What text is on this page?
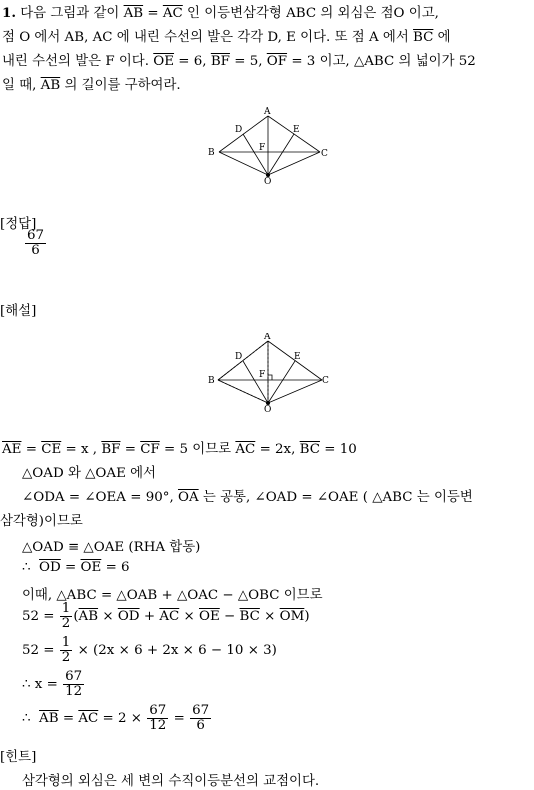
1. 다음 그림과 같이 $\overline{AB} = \overline{AC}$ 인 이등변삼각형 ABC 의 외심은 점O 이고,
점 O 에서 AB, AC 에 내린 수선의 발은 각각 D, E 이다. 또 점 A 에서 $\overline{BC}$ 에
내린 수선의 발은 F 이다. $\overline{OE} = 6$, $\overline{BF} = 5$, $\overline{OF} = 3$ 이고, △ABC 의 넓이가 52
일 때, $\overline{AB}$ 의 길이를 구하여라.
A
B	C
D	E
F
O
[정답]
$\frac{67}{6}$
[해설]
A
B	C
D	E
F
O
$\overline{AE} = \overline{CE} = x$ , $\overline{BF} = \overline{CF} = 5$ 이므로 $\overline{AC} = 2x$, $\overline{BC} = 10$
△OAD 와 △OAE 에서
∠ODA = ∠OEA = 90°, $\overline{OA}$ 는 공통, ∠OAD = ∠OAE ( △ABC 는 이등변
삼각형)이므로
△OAD ≡ △OAE (RHA 합동)
∴ $\overline{OD} = \overline{OE} = 6$
이때, △ABC = △OAB + △OAC − △OBC 이므로
$52 = \frac{1}{2} (\overline{AB} \times \overline{OD} + \overline{AC} \times \overline{OE} - \overline{BC} \times \overline{OM})$
$52 = \frac{1}{2} \times (2x \times 6 + 2x \times 6 - 10 \times 3)$
∴ $x = \frac{67}{12}$
∴ $\overline{AB} = \overline{AC} = 2 \times \frac{67}{12} = \frac{67}{6}$
[힌트]
삼각형의 외심은 세 변의 수직이등분선의 교점이다.
